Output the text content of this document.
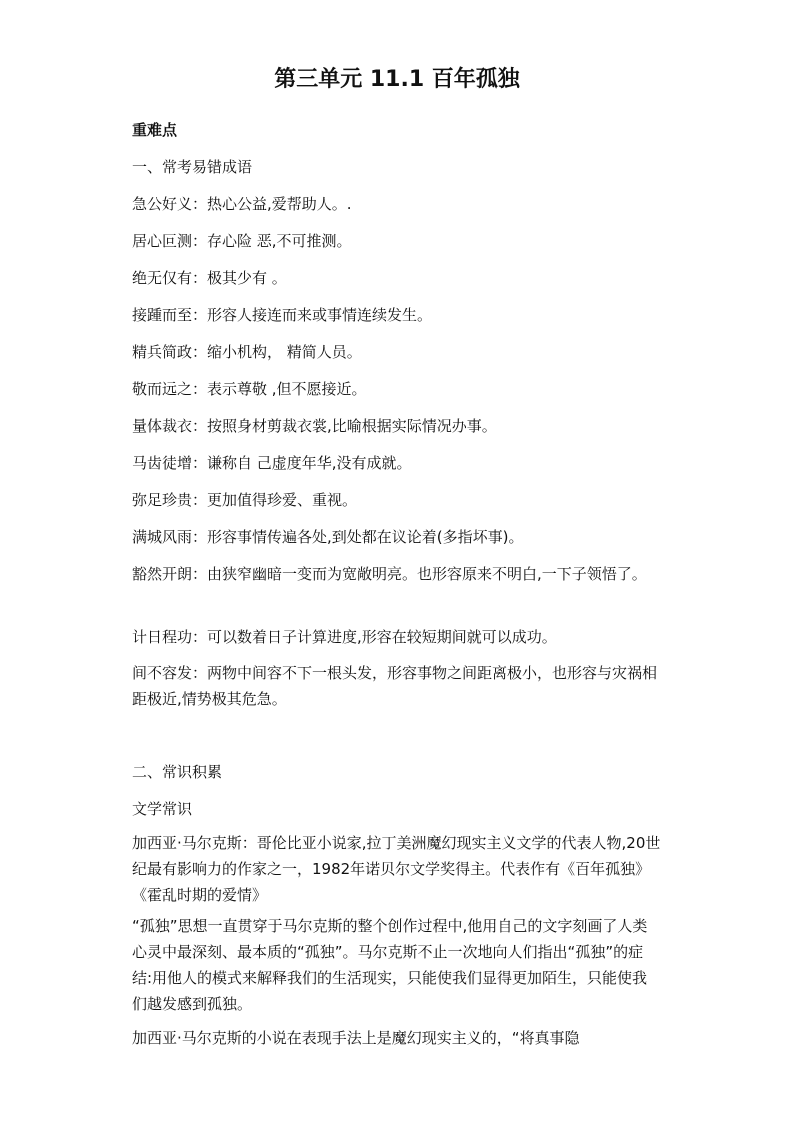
第三单元 11.1 百年孤独
重难点
一、常考易错成语
急公好义：热心公益,爱帮助人。.
居心叵测：存心险 恶,不可推测。
绝无仅有：极其少有 。
接踵而至：形容人接连而来或事情连续发生。
精兵简政：缩小机构， 精简人员。
敬而远之：表示尊敬 ,但不愿接近。
量体裁衣：按照身材剪裁衣裳,比喻根据实际情况办事。
马齿徒增：谦称自 己虚度年华,没有成就。
弥足珍贵：更加值得珍爱、重视。
满城风雨：形容事情传遍各处,到处都在议论着(多指坏事)。
豁然开朗：由狭窄幽暗一变而为宽敞明亮。也形容原来不明白,一下子领悟了。
计日程功：可以数着日子计算进度,形容在较短期间就可以成功。
间不容发：两物中间容不下一根头发，形容事物之间距离极小，也形容与灾祸相距极近,情势极其危急。
二、常识积累
文学常识
加西亚·马尔克斯：哥伦比亚小说家,拉丁美洲魔幻现实主义文学的代表人物,20世纪最有影响力的作家之一，1982年诺贝尔文学奖得主。代表作有《百年孤独》《霍乱时期的爱情》
“孤独”思想一直贯穿于马尔克斯的整个创作过程中,他用自己的文字刻画了人类心灵中最深刻、最本质的“孤独”。马尔克斯不止一次地向人们指出“孤独”的症结:用他人的模式来解释我们的生活现实，只能使我们显得更加陌生，只能使我们越发感到孤独。
加西亚·马尔克斯的小说在表现手法上是魔幻现实主义的，“将真事隐
